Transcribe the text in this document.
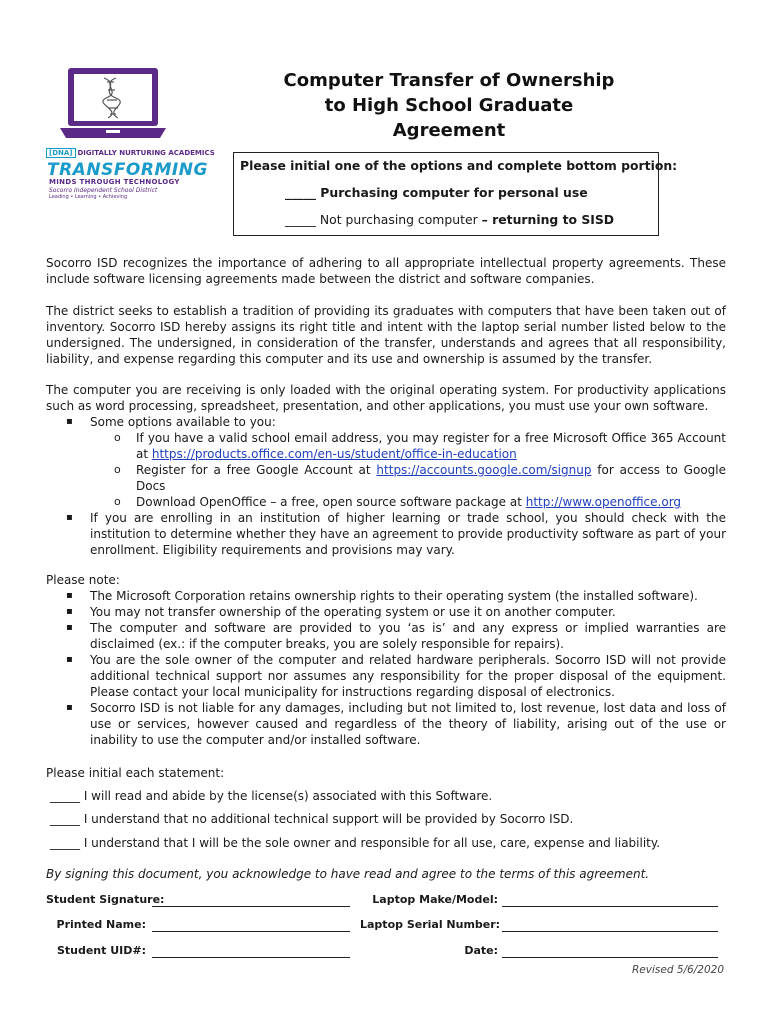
[DNA] DIGITALLY NURTURING ACADEMICS
TRANSFORMING
MINDS THROUGH TECHNOLOGY
Socorro Independent School District
Leading • Learning • Achieving
Computer Transfer of Ownership
to High School Graduate
Agreement
Please initial one of the options and complete bottom portion:
_____ Purchasing computer for personal use
_____ Not purchasing computer – returning to SISD
Socorro ISD recognizes the importance of adhering to all appropriate intellectual property agreements. These include software licensing agreements made between the district and software companies.
The district seeks to establish a tradition of providing its graduates with computers that have been taken out of inventory. Socorro ISD hereby assigns its right title and intent with the laptop serial number listed below to the undersigned. The undersigned, in consideration of the transfer, understands and agrees that all responsibility, liability, and expense regarding this computer and its use and ownership is assumed by the transfer.
The computer you are receiving is only loaded with the original operating system. For productivity applications such as word processing, spreadsheet, presentation, and other applications, you must use your own software.
▪ Some options available to you:
o If you have a valid school email address, you may register for a free Microsoft Office 365 Account at https://products.office.com/en-us/student/office-in-education
o Register for a free Google Account at https://accounts.google.com/signup for access to Google Docs
o Download OpenOffice – a free, open source software package at http://www.openoffice.org
▪ If you are enrolling in an institution of higher learning or trade school, you should check with the institution to determine whether they have an agreement to provide productivity software as part of your enrollment. Eligibility requirements and provisions may vary.
Please note:
▪ The Microsoft Corporation retains ownership rights to their operating system (the installed software).
▪ You may not transfer ownership of the operating system or use it on another computer.
▪ The computer and software are provided to you ‘as is’ and any express or implied warranties are disclaimed (ex.: if the computer breaks, you are solely responsible for repairs).
▪ You are the sole owner of the computer and related hardware peripherals. Socorro ISD will not provide additional technical support nor assumes any responsibility for the proper disposal of the equipment. Please contact your local municipality for instructions regarding disposal of electronics.
▪ Socorro ISD is not liable for any damages, including but not limited to, lost revenue, lost data and loss of use or services, however caused and regardless of the theory of liability, arising out of the use or inability to use the computer and/or installed software.
Please initial each statement:
_____ I will read and abide by the license(s) associated with this Software.
_____ I understand that no additional technical support will be provided by Socorro ISD.
_____ I understand that I will be the sole owner and responsible for all use, care, expense and liability.
By signing this document, you acknowledge to have read and agree to the terms of this agreement.
Student Signature:
Printed Name:
Student UID#:
Laptop Make/Model:
Laptop Serial Number:
Date:
Revised 5/6/2020
